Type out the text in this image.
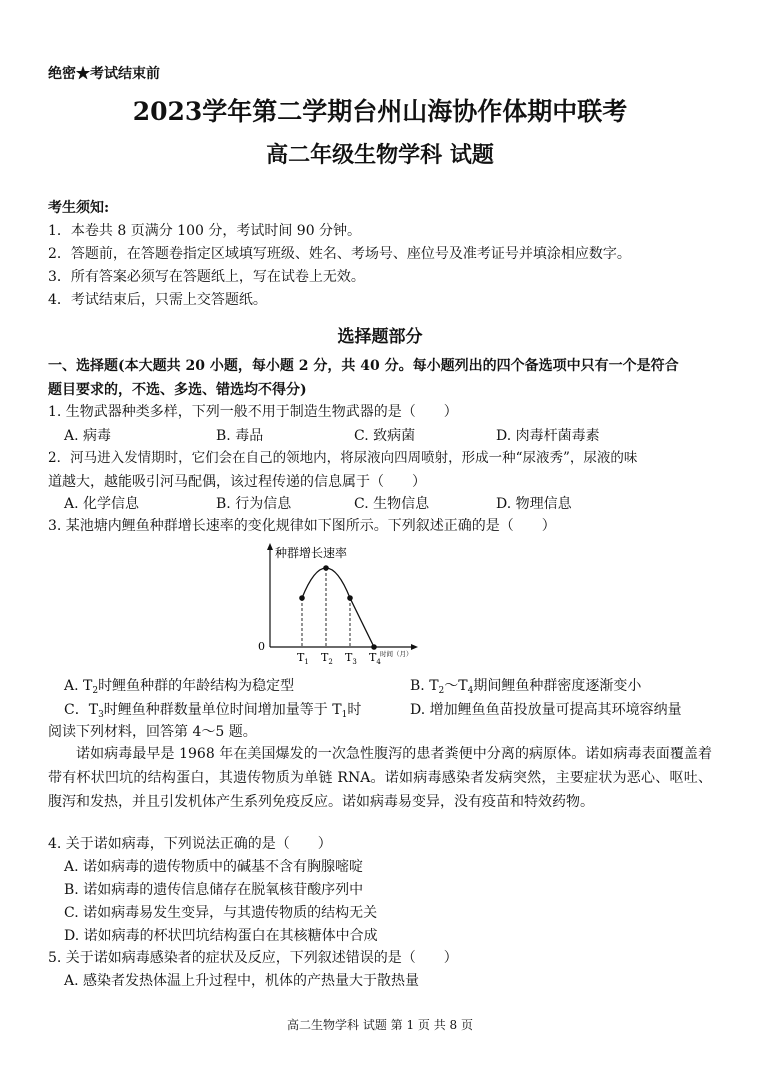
绝密★考试结束前
2023学年第二学期台州山海协作体期中联考
高二年级生物学科 试题
考生须知:
1．本卷共 8 页满分 100 分，考试时间 90 分钟。
2．答题前，在答题卷指定区域填写班级、姓名、考场号、座位号及准考证号并填涂相应数字。
3．所有答案必须写在答题纸上，写在试卷上无效。
4．考试结束后，只需上交答题纸。
选择题部分
一、选择题(本大题共 20 小题，每小题 2 分，共 40 分。每小题列出的四个备选项中只有一个是符合
题目要求的，不选、多选、错选均不得分)
1. 生物武器种类多样，下列一般不用于制造生物武器的是（　　）
A. 病毒	B. 毒品	C. 致病菌	D. 肉毒杆菌毒素
2．河马进入发情期时，它们会在自己的领地内，将尿液向四周喷射，形成一种“尿液秀”，尿液的味
道越大，越能吸引河马配偶，该过程传递的信息属于（　　）
A. 化学信息	B. 行为信息	C. 生物信息	D. 物理信息
3. 某池塘内鲤鱼种群增长速率的变化规律如下图所示。下列叙述正确的是（　　）
种群增长速率
0
时间（月）
$T_1$ $T_2$ $T_3$ $T_4$
A. $T_2$时鲤鱼种群的年龄结构为稳定型	B. $T_2\sim T_4$期间鲤鱼种群密度逐渐变小
C．$T_3$时鲤鱼种群数量单位时间增加量等于 $T_1$时	D. 增加鲤鱼鱼苗投放量可提高其环境容纳量
阅读下列材料，回答第 4～5 题。
诺如病毒最早是 1968 年在美国爆发的一次急性腹泻的患者粪便中分离的病原体。诺如病毒表面覆盖着带有杯状凹坑的结构蛋白，其遗传物质为单链 RNA。诺如病毒感染者发病突然，主要症状为恶心、呕吐、腹泻和发热，并且引发机体产生系列免疫反应。诺如病毒易变异，没有疫苗和特效药物。
4. 关于诺如病毒，下列说法正确的是（　　）
A. 诺如病毒的遗传物质中的碱基不含有胸腺嘧啶
B. 诺如病毒的遗传信息储存在脱氧核苷酸序列中
C. 诺如病毒易发生变异，与其遗传物质的结构无关
D. 诺如病毒的杯状凹坑结构蛋白在其核糖体中合成
5. 关于诺如病毒感染者的症状及反应，下列叙述错误的是（　　）
A. 感染者发热体温上升过程中，机体的产热量大于散热量
高二生物学科 试题 第 1 页 共 8 页
